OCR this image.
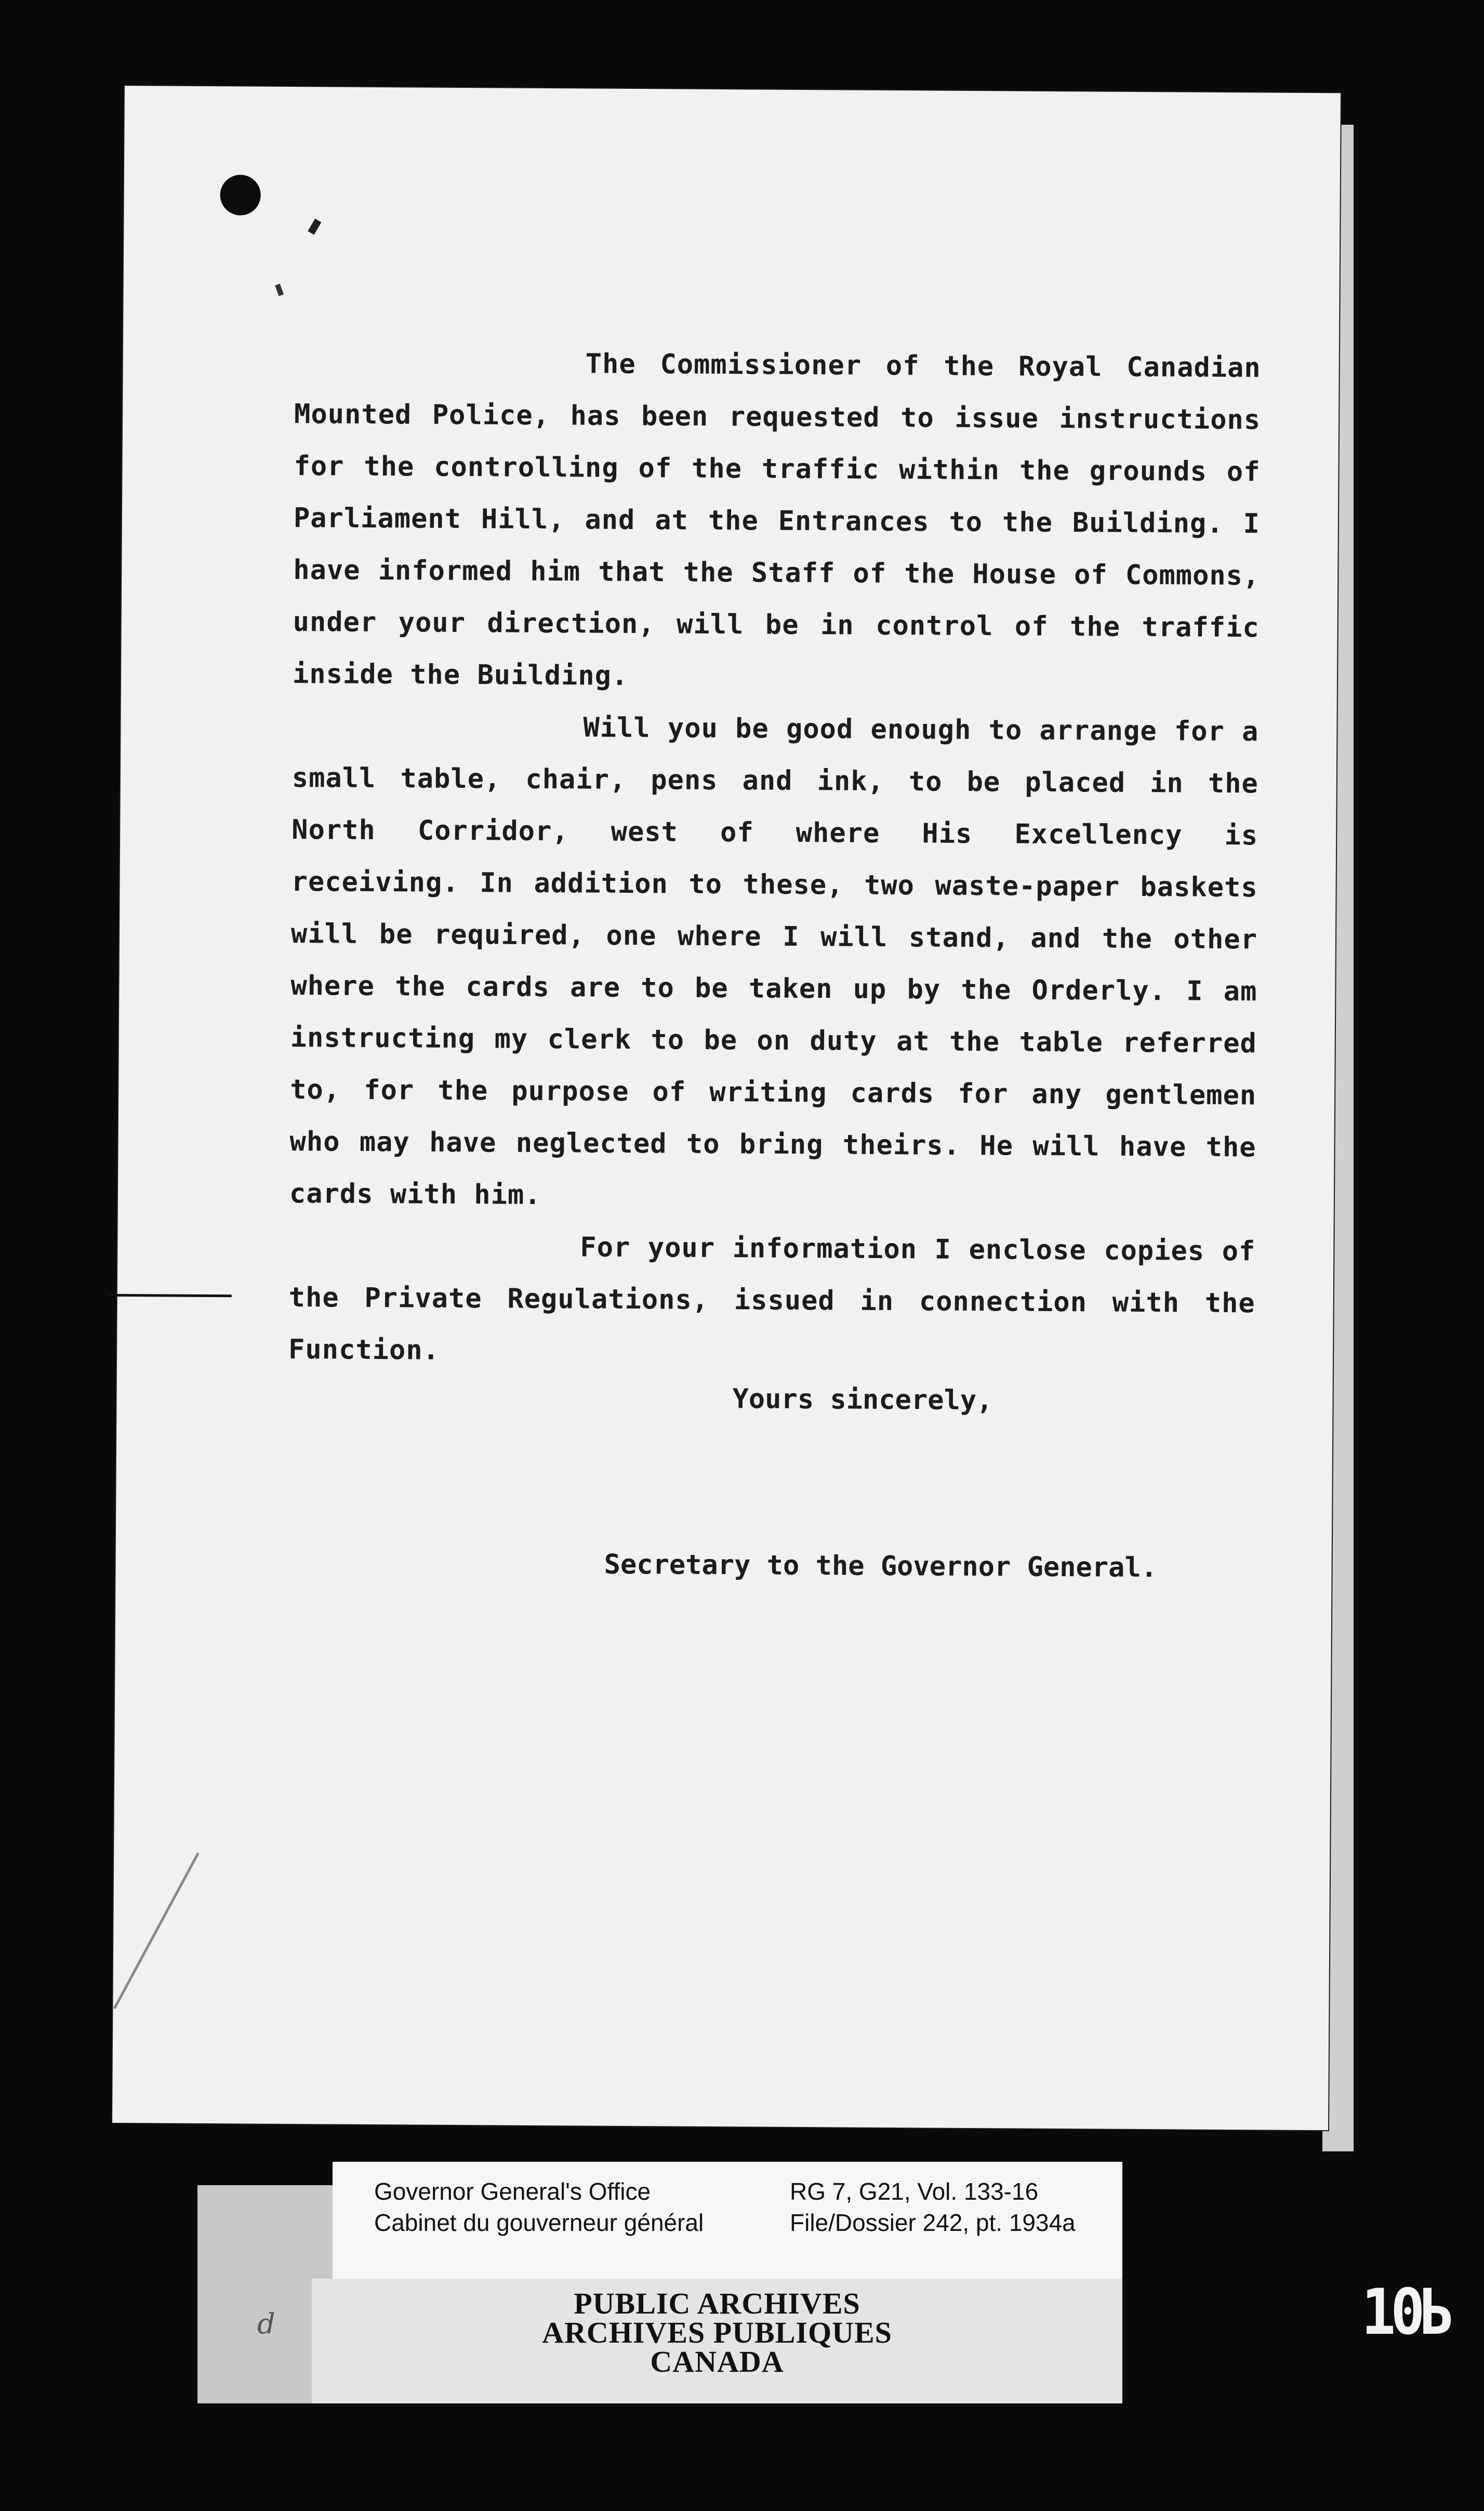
The Commissioner of the Royal Canadian Mounted Police, has been requested to issue instructions for the controlling of the traffic within the grounds of Parliament Hill, and at the Entrances to the Building. I have informed him that the Staff of the House of Commons, under your direction, will be in control of the traffic inside the Building.

Will you be good enough to arrange for a small table, chair, pens and ink, to be placed in the North Corridor, west of where His Excellency is receiving. In addition to these, two waste-paper baskets will be required, one where I will stand, and the other where the cards are to be taken up by the Orderly. I am instructing my clerk to be on duty at the table referred to, for the purpose of writing cards for any gentlemen who may have neglected to bring theirs. He will have the cards with him.

For your information I enclose copies of the Private Regulations, issued in connection with the Function.

Yours sincerely,
Secretary to the Governor General.
d
Governor General's Office
Cabinet du gouverneur général
RG 7, G21, Vol. 133-16
File/Dossier 242, pt. 1934a
PUBLIC ARCHIVES
ARCHIVES PUBLIQUES
CANADA
10Ь
